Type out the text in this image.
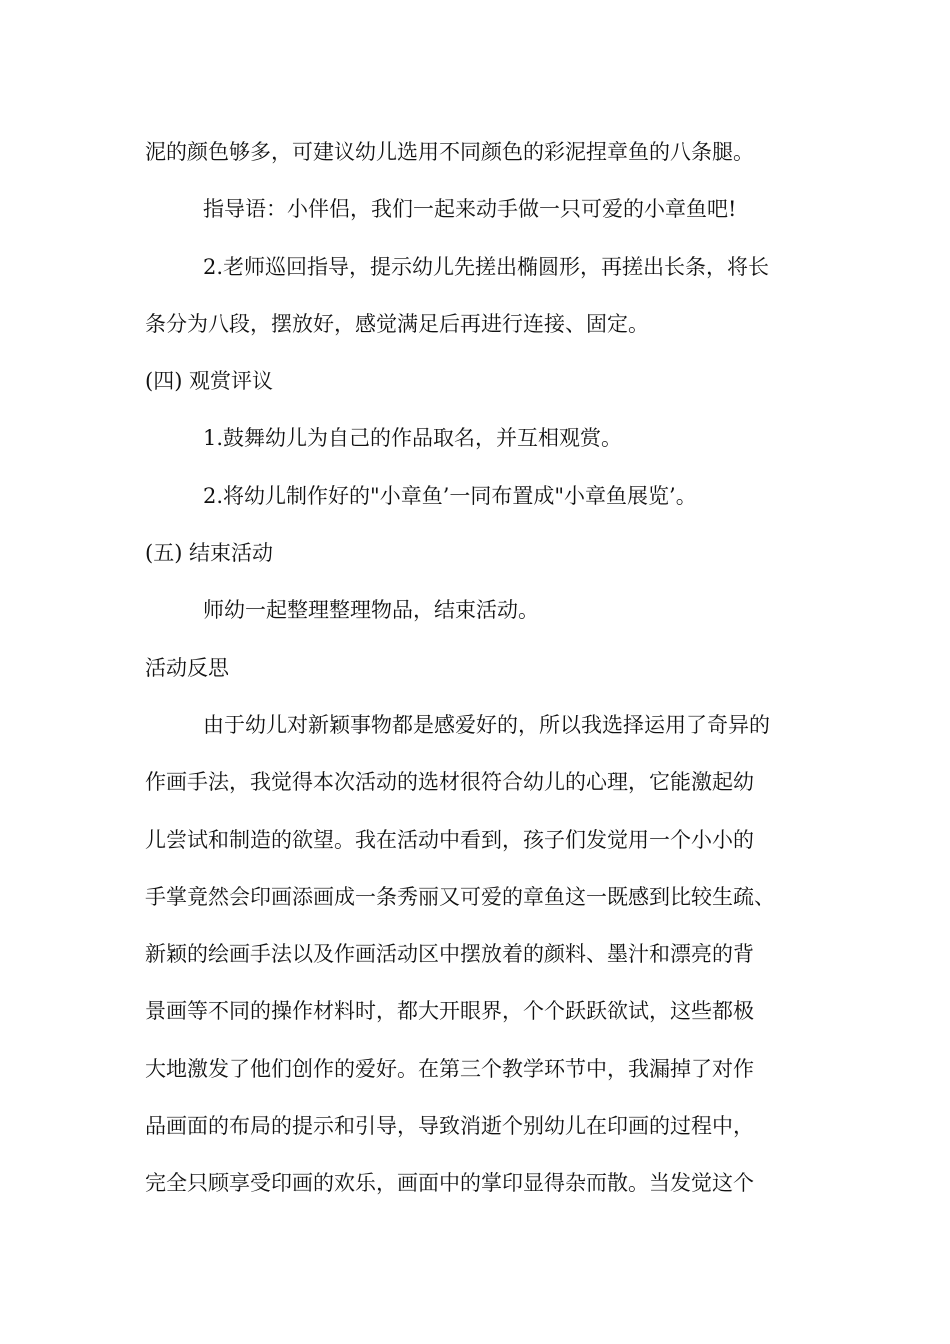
泥的颜色够多，可建议幼儿选用不同颜色的彩泥捏章鱼的八条腿。

指导语：小伴侣，我们一起来动手做一只可爱的小章鱼吧!

2.老师巡回指导，提示幼儿先搓出椭圆形，再搓出长条，将长

条分为八段，摆放好，感觉满足后再进行连接、固定。

(四) 观赏评议

1.鼓舞幼儿为自己的作品取名，并互相观赏。

2.将幼儿制作好的"小章鱼’一同布置成"小章鱼展览’。

(五) 结束活动

师幼一起整理整理物品，结束活动。

活动反思

由于幼儿对新颖事物都是感爱好的，所以我选择运用了奇异的

作画手法，我觉得本次活动的选材很符合幼儿的心理，它能激起幼

儿尝试和制造的欲望。我在活动中看到，孩子们发觉用一个小小的

手掌竟然会印画添画成一条秀丽又可爱的章鱼这一既感到比较生疏、

新颖的绘画手法以及作画活动区中摆放着的颜料、墨汁和漂亮的背

景画等不同的操作材料时，都大开眼界，个个跃跃欲试，这些都极

大地激发了他们创作的爱好。在第三个教学环节中，我漏掉了对作

品画面的布局的提示和引导，导致消逝个别幼儿在印画的过程中，

完全只顾享受印画的欢乐，画面中的掌印显得杂而散。当发觉这个
